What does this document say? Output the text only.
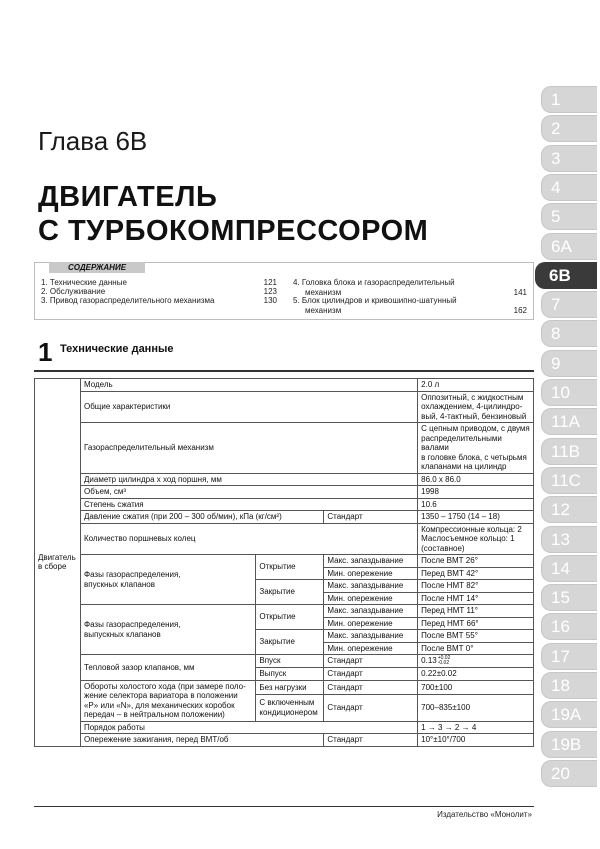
Глава 6B
ДВИГАТЕЛЬ
С ТУРБОКОМПРЕССОРОМ
СОДЕРЖАНИЕ
1. Технические данные	121
2. Обслуживание	123
3. Привод газораспределительного механизма	130
4. Головка блока и газораспределительный
механизм	141
5. Блок цилиндров и кривошипно-шатунный
механизм	162
1
2
3
4
5
6A
6B
7
8
9
10
11A
11B
11C
12
13
14
15
16
17
18
19A
19B
20
1 Технические данные
Двигатель
в сборе	Модель			2.0 л
	Общие характеристики			Оппозитный, с жидкостным
охлаждением, 4-цилиндро-
вый, 4-тактный, бензиновый
	Газораспределительный механизм			С цепным приводом, с двумя
распределительными валами
в головке блока, с четырьмя
клапанами на цилиндр
	Диаметр цилиндра x ход поршня, мм			86.0 x 86.0
	Объем, см³			1998
	Степень сжатия			10.6
	Давление сжатия (при 200 – 300 об/мин), кПа (кг/см²)		Стандарт	1350 – 1750 (14 – 18)
	Количество поршневых колец			Компрессионные кольца: 2
Маслосъемное кольцо: 1
(составное)
	Фазы газораспределения,
впускных клапанов	Открытие	Макс. запаздывание	После ВМТ 26°
			Мин. опережение	Перед ВМТ 42°
		Закрытие	Макс. запаздывание	После НМТ 82°
			Мин. опережение	После НМТ 14°
	Фазы газораспределения,
выпускных клапанов	Открытие	Макс. запаздывание	Перед НМТ 11°
			Мин. опережение	Перед НМТ 66°
		Закрытие	Макс. запаздывание	После ВМТ 55°
			Мин. опережение	После ВМТ 0°
	Тепловой зазор клапанов, мм	Впуск	Стандарт	0.13+0.02
-0.02
		Выпуск	Стандарт	0.22±0.02
	Обороты холостого хода (при замере поло-
жение селектора вариатора в положении
«P» или «N», для механических коробок
передач – в нейтральном положении)	Без нагрузки	Стандарт	700±100
		С включенным
кондиционером	Стандарт	700–835±100
	Порядок работы			1 → 3 → 2 → 4
	Опережение зажигания, перед ВМТ/об		Стандарт	10°±10°/700
Издательство «Монолит»
